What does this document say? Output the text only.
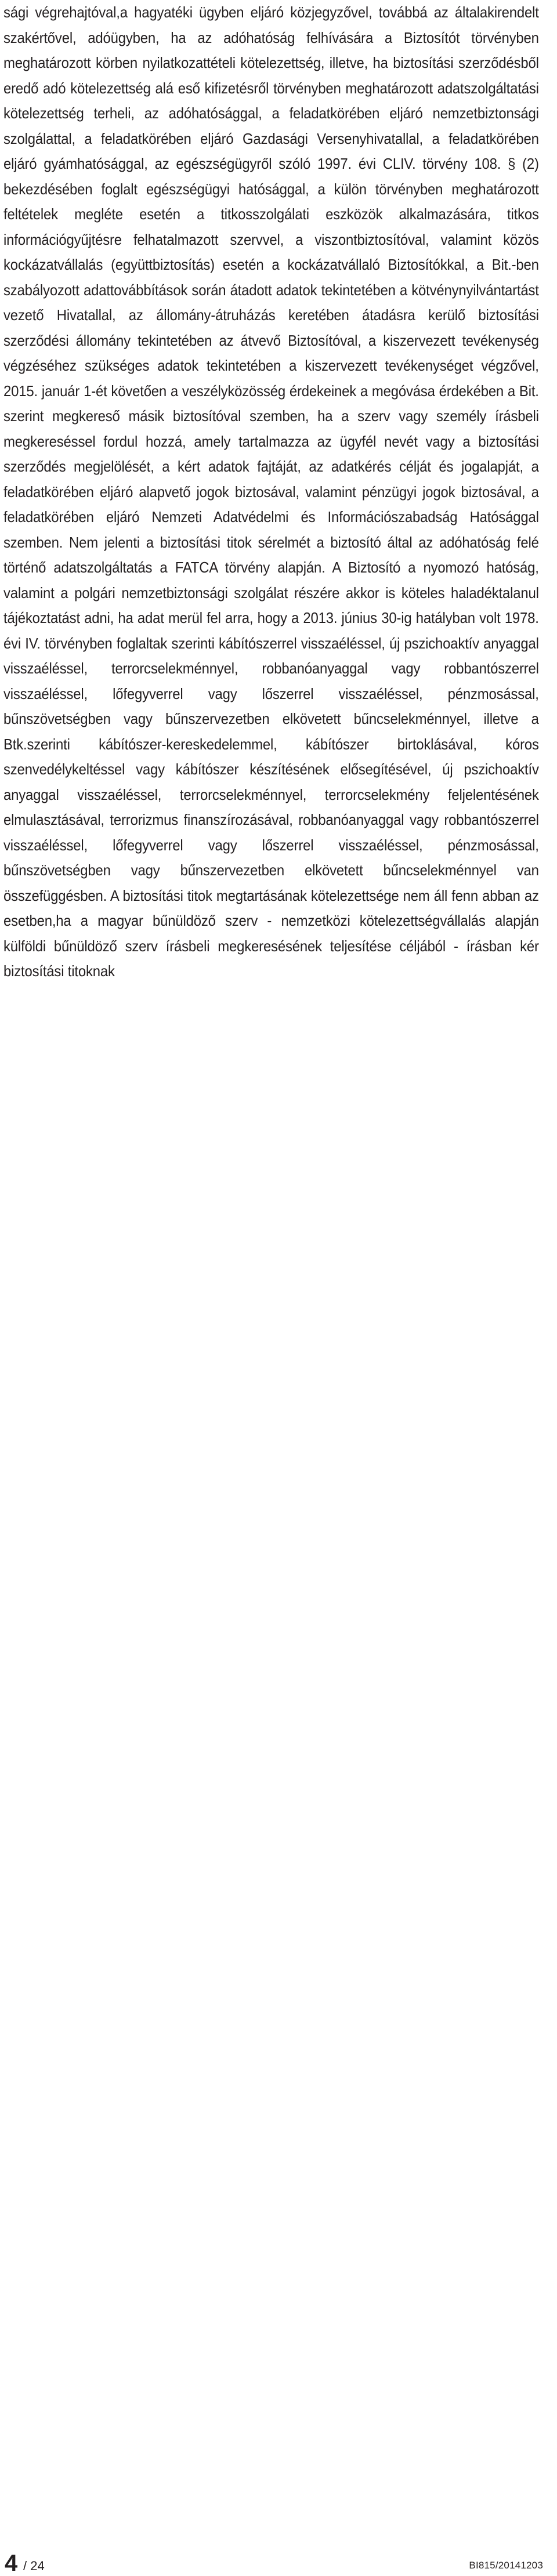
sági végrehajtóval,a hagyatéki ügyben eljáró közjegyzővel, továbbá az általakirendelt szakértővel, adóügyben, ha az adóhatóság felhívására a Biztosítót törvényben meghatározott körben nyilatkozattételi kötelezettség, illetve, ha biztosítási szerződésből eredő adó kötelezettség alá eső kifizetésről törvényben meghatározott adatszolgáltatási kötelezettség terheli, az adóhatósággal, a feladatkörében eljáró nemzetbiztonsági szolgálattal, a feladatkörében eljáró Gazdasági Versenyhivatallal, a feladatkörében eljáró gyámhatósággal, az egészségügyről szóló 1997. évi CLIV. törvény 108. § (2) bekezdésében foglalt egészségügyi hatósággal, a külön törvényben meghatározott feltételek megléte esetén a titkosszolgálati eszközök alkalmazására, titkos információgyűjtésre felhatalmazott szervvel, a viszontbiztosítóval, valamint közös kockázatvállalás (együttbiztosítás) esetén a kockázatvállaló Biztosítókkal, a Bit.-ben szabályozott adattovábbítások során átadott adatok tekintetében a kötvénynyilvántartást vezető Hivatallal, az állomány-átruházás keretében átadásra kerülő biztosítási szerződési állomány tekintetében az átvevő Biztosítóval, a kiszervezett tevékenység végzéséhez szükséges adatok tekintetében a kiszervezett tevékenységet végzővel, 2015. január 1-ét követően a veszélyközösség érdekeinek a megóvása érdekében a Bit. szerint megkereső másik biztosítóval szemben, ha a szerv vagy személy írásbeli megkereséssel fordul hozzá, amely tartalmazza az ügyfél nevét vagy a biztosítási szerződés megjelölését, a kért adatok fajtáját, az adatkérés célját és jogalapját, a feladatkörében eljáró alapvető jogok biztosával, valamint pénzügyi jogok biztosával, a feladatkörében eljáró Nemzeti Adatvédelmi és Információszabadság Hatósággal szemben. Nem jelenti a biztosítási titok sérelmét a biztosító által az adóhatóság felé történő adatszolgáltatás a FATCA törvény alapján. A Biztosító a nyomozó hatóság, valamint a polgári nemzetbiztonsági szolgálat részére akkor is köteles haladéktalanul tájékoztatást adni, ha adat merül fel arra, hogy a 2013. június 30-ig hatályban volt 1978. évi IV. törvényben foglaltak szerinti kábítószerrel visszaéléssel, új pszichoaktív anyaggal visszaéléssel, terrorcselekménnyel, robbanóanyaggal vagy robbantószerrel visszaéléssel, lőfegyverrel vagy lőszerrel visszaéléssel, pénzmosással, bűnszövetségben vagy bűnszervezetben elkövetett bűncselekménnyel, illetve a Btk.szerinti kábítószer-kereskedelemmel, kábítószer birtoklásával, kóros szenvedélykeltéssel vagy kábítószer készítésének elősegítésével, új pszichoaktív anyaggal visszaéléssel, terrorcselekménnyel, terrorcselekmény feljelentésének elmulasztásával, terrorizmus finanszírozásával, robbanóanyaggal vagy robbantószerrel visszaéléssel, lőfegyverrel vagy lőszerrel visszaéléssel, pénzmosással, bűnszövetségben vagy bűnszervezetben elkövetett bűncselekménnyel van összefüggésben. A biztosítási titok megtartásának kötelezettsége nem áll fenn abban az esetben,ha a magyar bűnüldöző szerv - nemzetközi kötelezettségvállalás alapján külföldi bűnüldöző szerv írásbeli megkeresésének teljesítése céljából - írásban kér biztosítási titoknak

4 / 24	BI815/20141203
